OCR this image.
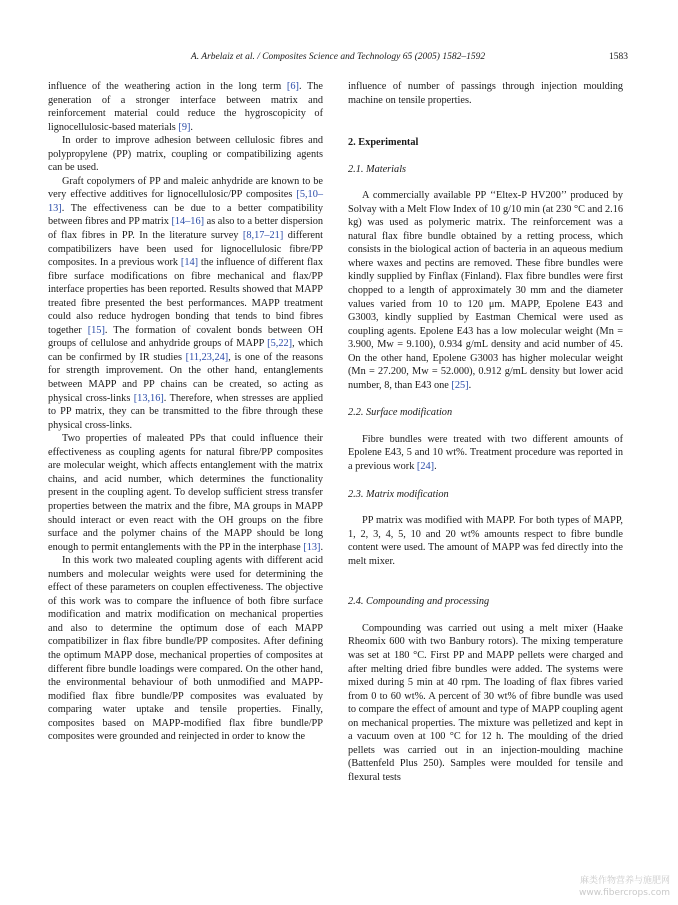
A. Arbelaiz et al. / Composites Science and Technology 65 (2005) 1582–1592	1583

influence of the weathering action in the long term [6]. The generation of a stronger interface between matrix and reinforcement material could reduce the hygroscopicity of lignocellulosic-based materials [9].

In order to improve adhesion between cellulosic fibres and polypropylene (PP) matrix, coupling or compatibilizing agents can be used.

Graft copolymers of PP and maleic anhydride are known to be very effective additives for lignocellulosic/PP composites [5,10–13]. The effectiveness can be due to a better compatibility between fibres and PP matrix [14–16] as also to a better dispersion of flax fibres in PP. In the literature survey [8,17–21] different compatibilizers have been used for lignocellulosic fibre/PP composites. In a previous work [14] the influence of different flax fibre surface modifications on fibre mechanical and flax/PP interface properties has been reported. Results showed that MAPP treated fibre presented the best performances. MAPP treatment could also reduce hydrogen bonding that tends to bind fibres together [15]. The formation of covalent bonds between OH groups of cellulose and anhydride groups of MAPP [5,22], which can be confirmed by IR studies [11,23,24], is one of the reasons for strength improvement. On the other hand, entanglements between MAPP and PP chains can be created, so acting as physical cross-links [13,16]. Therefore, when stresses are applied to PP matrix, they can be transmitted to the fibre through these physical cross-links.

Two properties of maleated PPs that could influence their effectiveness as coupling agents for natural fibre/PP composites are molecular weight, which affects entanglement with the matrix chains, and acid number, which determines the functionality present in the coupling agent. To develop sufficient stress transfer properties between the matrix and the fibre, MA groups in MAPP should interact or even react with the OH groups on the fibre surface and the polymer chains of the MAPP should be long enough to permit entanglements with the PP in the interphase [13].

In this work two maleated coupling agents with different acid numbers and molecular weights were used for determining the effect of these parameters on couplen effectiveness. The objective of this work was to compare the influence of both fibre surface modification and matrix modification on mechanical properties and also to determine the optimum dose of each MAPP compatibilizer in flax fibre bundle/PP composites. After defining the optimum MAPP dose, mechanical properties of composites at different fibre bundle loadings were compared. On the other hand, the environmental behaviour of both unmodified and MAPP-modified flax fibre bundle/PP composites was evaluated by comparing water uptake and tensile properties. Finally, composites based on MAPP-modified flax fibre bundle/PP composites were grounded and reinjected in order to know the

influence of number of passings through injection moulding machine on tensile properties.

2. Experimental
2.1. Materials

A commercially available PP ‘‘Eltex-P HV200’’ produced by Solvay with a Melt Flow Index of 10 g/10 min (at 230 °C and 2.16 kg) was used as polymeric matrix. The reinforcement was a natural flax fibre bundle obtained by a retting process, which consists in the biological action of bacteria in an aqueous medium where waxes and pectins are removed. These fibre bundles were kindly supplied by Finflax (Finland). Flax fibre bundles were first chopped to a length of approximately 30 mm and the diameter values varied from 10 to 120 μm. MAPP, Epolene E43 and G3003, kindly supplied by Eastman Chemical were used as coupling agents. Epolene E43 has a low molecular weight (Mn = 3.900, Mw = 9.100), 0.934 g/mL density and acid number of 45. On the other hand, Epolene G3003 has higher molecular weight (Mn = 27.200, Mw = 52.000), 0.912 g/mL density but lower acid number, 8, than E43 one [25].

2.2. Surface modification

Fibre bundles were treated with two different amounts of Epolene E43, 5 and 10 wt%. Treatment procedure was reported in a previous work [24].

2.3. Matrix modification

PP matrix was modified with MAPP. For both types of MAPP, 1, 2, 3, 4, 5, 10 and 20 wt% amounts respect to fibre bundle content were used. The amount of MAPP was fed directly into the melt mixer.

2.4. Compounding and processing

Compounding was carried out using a melt mixer (Haake Rheomix 600 with two Banbury rotors). The mixing temperature was set at 180 °C. First PP and MAPP pellets were charged and after melting dried fibre bundles were added. The systems were mixed during 5 min at 40 rpm. The loading of flax fibres varied from 0 to 60 wt%. A percent of 30 wt% of fibre bundle was used to compare the effect of amount and type of MAPP coupling agent on mechanical properties. The mixture was pelletized and kept in a vacuum oven at 100 °C for 12 h. The moulding of the dried pellets was carried out in an injection-moulding machine (Battenfeld Plus 250). Samples were moulded for tensile and flexural tests

麻类作物营养与施肥网
www.fibercrops.com
